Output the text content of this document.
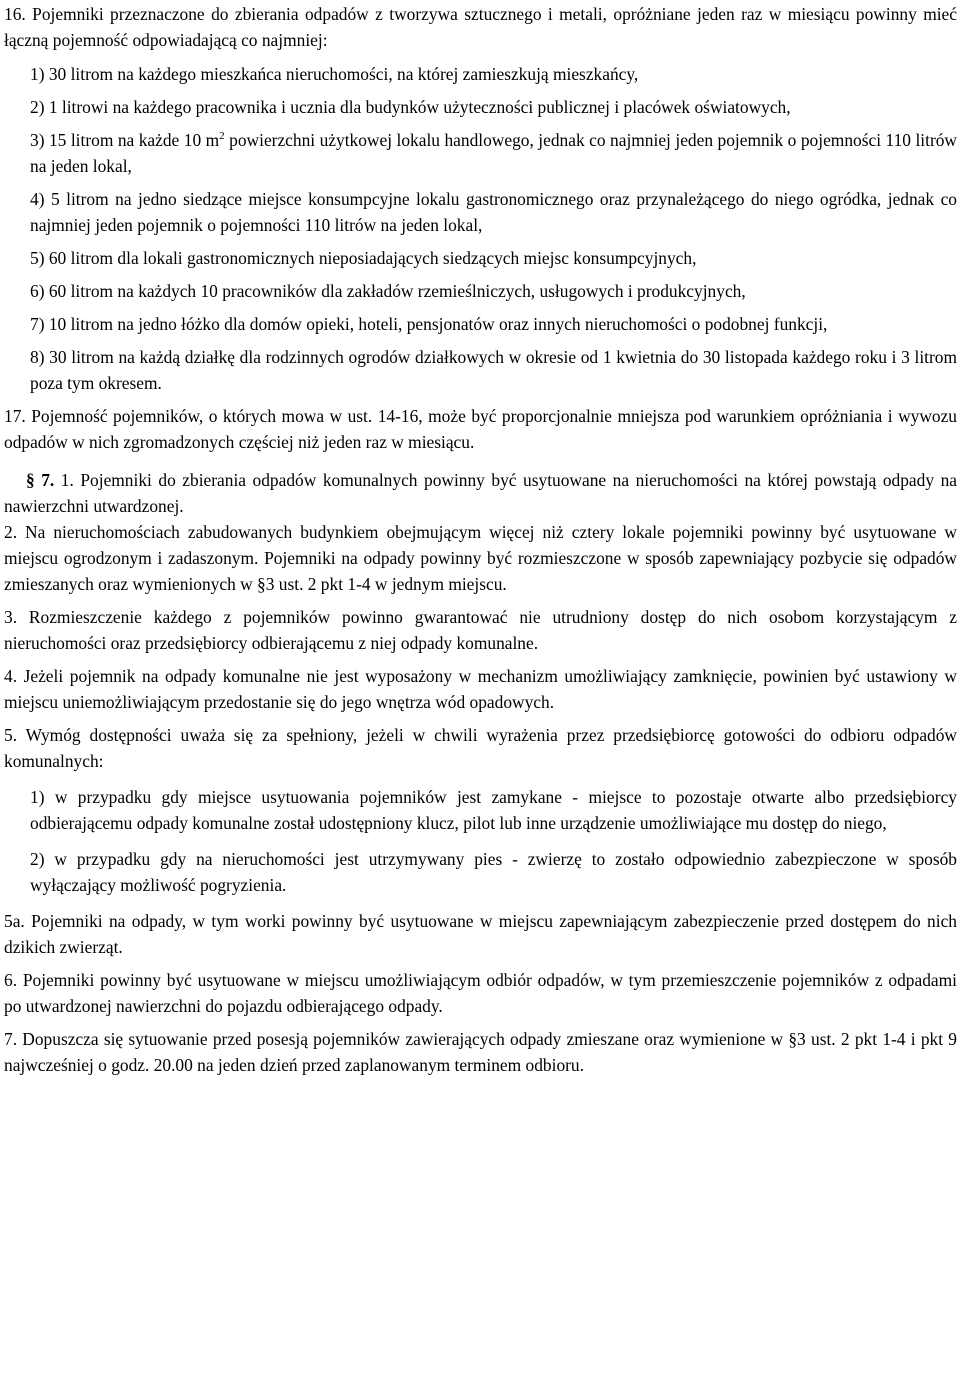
16. Pojemniki przeznaczone do zbierania odpadów z tworzywa sztucznego i metali, opróżniane jeden raz w miesiącu powinny mieć łączną pojemność odpowiadającą co najmniej:

1) 30 litrom na każdego mieszkańca nieruchomości, na której zamieszkują mieszkańcy,

2) 1 litrowi na każdego pracownika i ucznia dla budynków użyteczności publicznej i placówek oświatowych,

3) 15 litrom na każde 10 $m^2$ powierzchni użytkowej lokalu handlowego, jednak co najmniej jeden pojemnik o pojemności 110 litrów na jeden lokal,

4) 5 litrom na jedno siedzące miejsce konsumpcyjne lokalu gastronomicznego oraz przynależącego do niego ogródka, jednak co najmniej jeden pojemnik o pojemności 110 litrów na jeden lokal,

5) 60 litrom dla lokali gastronomicznych nieposiadających siedzących miejsc konsumpcyjnych,

6) 60 litrom na każdych 10 pracowników dla zakładów rzemieślniczych, usługowych i produkcyjnych,

7) 10 litrom na jedno łóżko dla domów opieki, hoteli, pensjonatów oraz innych nieruchomości o podobnej funkcji,

8) 30 litrom na każdą działkę dla rodzinnych ogrodów działkowych w okresie od 1 kwietnia do 30 listopada każdego roku i 3 litrom poza tym okresem.

17. Pojemność pojemników, o których mowa w ust. 14-16, może być proporcjonalnie mniejsza pod warunkiem opróżniania i wywozu odpadów w nich zgromadzonych częściej niż jeden raz w miesiącu.

§ 7. 1. Pojemniki do zbierania odpadów komunalnych powinny być usytuowane na nieruchomości na której powstają odpady na nawierzchni utwardzonej.

2. Na nieruchomościach zabudowanych budynkiem obejmującym więcej niż cztery lokale pojemniki powinny być usytuowane w miejscu ogrodzonym i zadaszonym. Pojemniki na odpady powinny być rozmieszczone w sposób zapewniający pozbycie się odpadów zmieszanych oraz wymienionych w §3 ust. 2 pkt 1-4 w jednym miejscu.

3. Rozmieszczenie każdego z pojemników powinno gwarantować nie utrudniony dostęp do nich osobom korzystającym z nieruchomości oraz przedsiębiorcy odbierającemu z niej odpady komunalne.

4. Jeżeli pojemnik na odpady komunalne nie jest wyposażony w mechanizm umożliwiający zamknięcie, powinien być ustawiony w miejscu uniemożliwiającym przedostanie się do jego wnętrza wód opadowych.

5. Wymóg dostępności uważa się za spełniony, jeżeli w chwili wyrażenia przez przedsiębiorcę gotowości do odbioru odpadów komunalnych:

1) w przypadku gdy miejsce usytuowania pojemników jest zamykane - miejsce to pozostaje otwarte albo przedsiębiorcy odbierającemu odpady komunalne został udostępniony klucz, pilot lub inne urządzenie umożliwiające mu dostęp do niego,

2) w przypadku gdy na nieruchomości jest utrzymywany pies - zwierzę to zostało odpowiednio zabezpieczone w sposób wyłączający możliwość pogryzienia.

5a. Pojemniki na odpady, w tym worki powinny być usytuowane w miejscu zapewniającym zabezpieczenie przed dostępem do nich dzikich zwierząt.

6. Pojemniki powinny być usytuowane w miejscu umożliwiającym odbiór odpadów, w tym przemieszczenie pojemników z odpadami po utwardzonej nawierzchni do pojazdu odbierającego odpady.

7. Dopuszcza się sytuowanie przed posesją pojemników zawierających odpady zmieszane oraz wymienione w §3 ust. 2 pkt 1-4 i pkt 9 najwcześniej o godz. 20.00 na jeden dzień przed zaplanowanym terminem odbioru.
